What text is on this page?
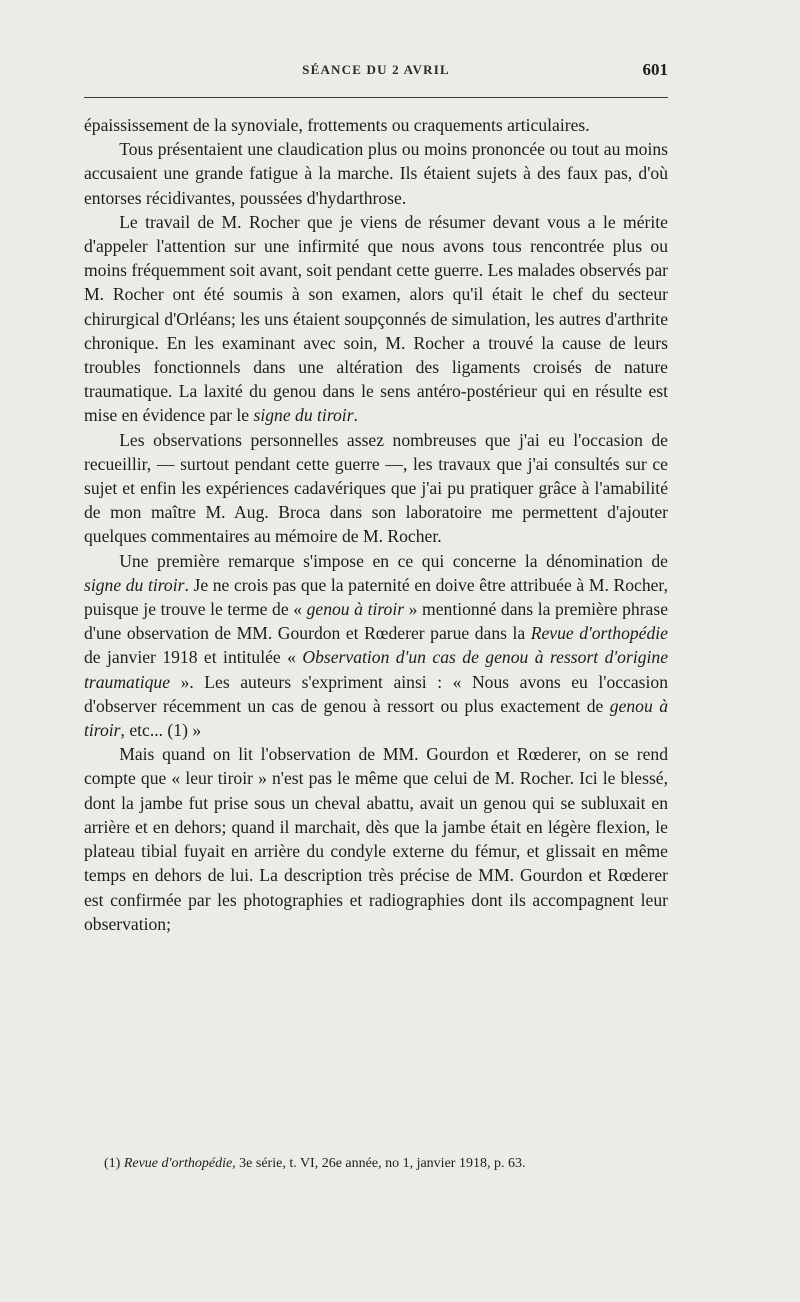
SÉANCE DU 2 AVRIL	601

épaississement de la synoviale, frottements ou craquements articulaires.

Tous présentaient une claudication plus ou moins prononcée ou tout au moins accusaient une grande fatigue à la marche. Ils étaient sujets à des faux pas, d'où entorses récidivantes, poussées d'hydarthrose.

Le travail de M. Rocher que je viens de résumer devant vous a le mérite d'appeler l'attention sur une infirmité que nous avons tous rencontrée plus ou moins fréquemment soit avant, soit pendant cette guerre. Les malades observés par M. Rocher ont été soumis à son examen, alors qu'il était le chef du secteur chirurgical d'Orléans; les uns étaient soupçonnés de simulation, les autres d'arthrite chronique. En les examinant avec soin, M. Rocher a trouvé la cause de leurs troubles fonctionnels dans une altération des ligaments croisés de nature traumatique. La laxité du genou dans le sens antéro-postérieur qui en résulte est mise en évidence par le signe du tiroir.

Les observations personnelles assez nombreuses que j'ai eu l'occasion de recueillir, — surtout pendant cette guerre —, les travaux que j'ai consultés sur ce sujet et enfin les expériences cadavériques que j'ai pu pratiquer grâce à l'amabilité de mon maître M. Aug. Broca dans son laboratoire me permettent d'ajouter quelques commentaires au mémoire de M. Rocher.

Une première remarque s'impose en ce qui concerne la dénomination de signe du tiroir. Je ne crois pas que la paternité en doive être attribuée à M. Rocher, puisque je trouve le terme de « genou à tiroir » mentionné dans la première phrase d'une observation de MM. Gourdon et Rœderer parue dans la Revue d'orthopédie de janvier 1918 et intitulée « Observation d'un cas de genou à ressort d'origine traumatique ». Les auteurs s'expriment ainsi : « Nous avons eu l'occasion d'observer récemment un cas de genou à ressort ou plus exactement de genou à tiroir, etc... (1) »

Mais quand on lit l'observation de MM. Gourdon et Rœderer, on se rend compte que « leur tiroir » n'est pas le même que celui de M. Rocher. Ici le blessé, dont la jambe fut prise sous un cheval abattu, avait un genou qui se subluxait en arrière et en dehors; quand il marchait, dès que la jambe était en légère flexion, le plateau tibial fuyait en arrière du condyle externe du fémur, et glissait en même temps en dehors de lui. La description très précise de MM. Gourdon et Rœderer est confirmée par les photographies et radiographies dont ils accompagnent leur observation;

(1) Revue d'orthopédie, 3e série, t. VI, 26e année, no 1, janvier 1918, p. 63.
